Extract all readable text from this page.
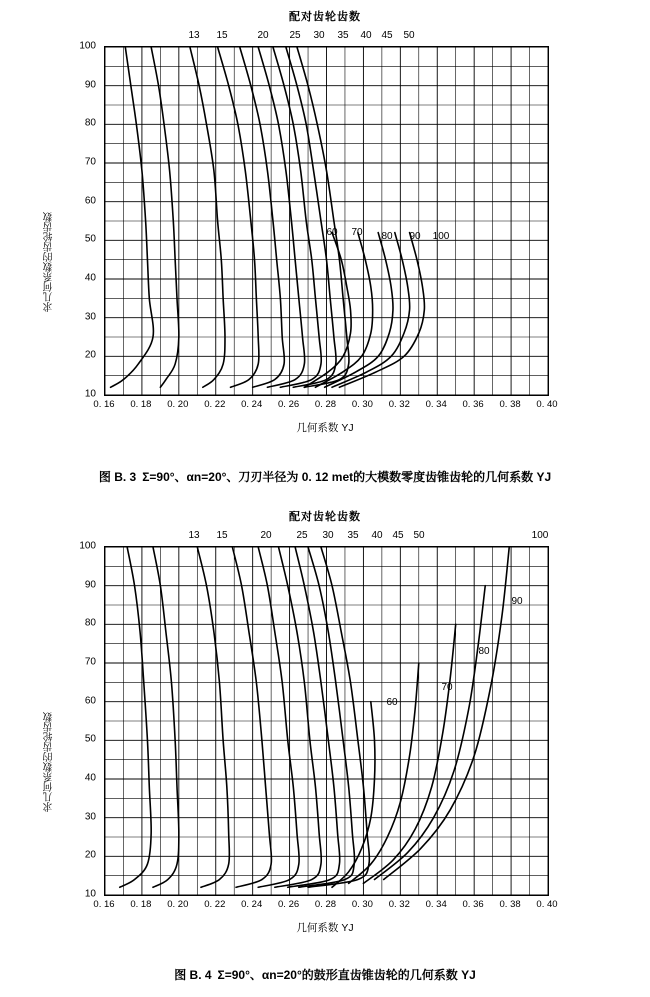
配对齿轮齿数
13 15	20 25 30 35 40 45 50
求几何系数的齿轮齿数
100
90
80
70
60
50
40
30
20
10
60 70 80 90 100
0. 16	0. 18	0. 20	0. 22	0. 24	0. 26	0. 28	0. 30	0. 32	0. 34	0. 36	0. 38	0. 40
几何系数 YJ
图 B. 3 Σ=90°、αn=20°、刀刃半径为 0. 12 met的大模数零度齿锥齿轮的几何系数 YJ
配对齿轮齿数
13 15	20 25 30 35 40 45 50	100
求几何系数的齿轮齿数
100
90
80
70
60
50
40
30
20
10
90
80
70
60
0. 16	0. 18	0. 20	0. 22	0. 24	0. 26	0. 28	0. 30	0. 32	0. 34	0. 36	0. 38	0. 40
几何系数 YJ
图 B. 4 Σ=90°、αn=20°的鼓形直齿锥齿轮的几何系数 YJ
